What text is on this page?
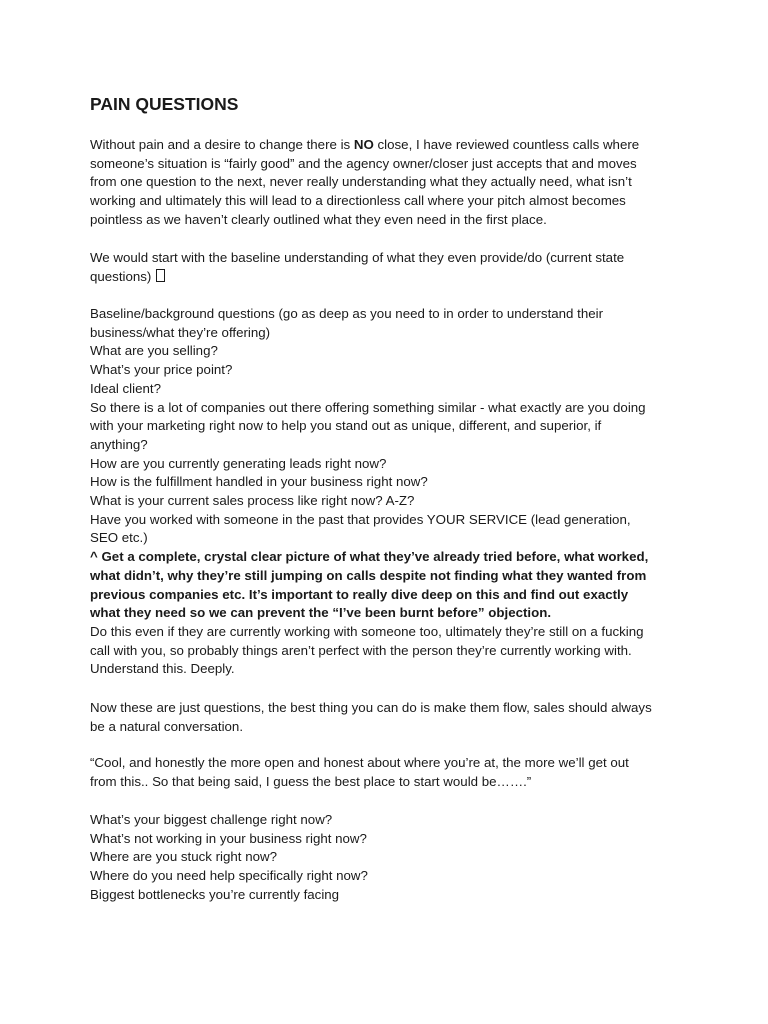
PAIN QUESTIONS

Without pain and a desire to change there is NO close, I have reviewed countless calls where
someone’s situation is “fairly good” and the agency owner/closer just accepts that and moves
from one question to the next, never really understanding what they actually need, what isn’t
working and ultimately this will lead to a directionless call where your pitch almost becomes
pointless as we haven’t clearly outlined what they even need in the first place.

We would start with the baseline understanding of what they even provide/do (current state
questions)

Baseline/background questions (go as deep as you need to in order to understand their
business/what they’re offering)
What are you selling?
What’s your price point?
Ideal client?
So there is a lot of companies out there offering something similar - what exactly are you doing
with your marketing right now to help you stand out as unique, different, and superior, if
anything?
How are you currently generating leads right now?
How is the fulfillment handled in your business right now?
What is your current sales process like right now? A-Z?
Have you worked with someone in the past that provides YOUR SERVICE (lead generation,
SEO etc.)
^ Get a complete, crystal clear picture of what they’ve already tried before, what worked,
what didn’t, why they’re still jumping on calls despite not finding what they wanted from
previous companies etc. It’s important to really dive deep on this and find out exactly
what they need so we can prevent the “I’ve been burnt before” objection.
Do this even if they are currently working with someone too, ultimately they’re still on a fucking
call with you, so probably things aren’t perfect with the person they’re currently working with.
Understand this. Deeply.

Now these are just questions, the best thing you can do is make them flow, sales should always
be a natural conversation.

“Cool, and honestly the more open and honest about where you’re at, the more we’ll get out
from this.. So that being said, I guess the best place to start would be…….”

What’s your biggest challenge right now?
What’s not working in your business right now?
Where are you stuck right now?
Where do you need help specifically right now?
Biggest bottlenecks you’re currently facing
